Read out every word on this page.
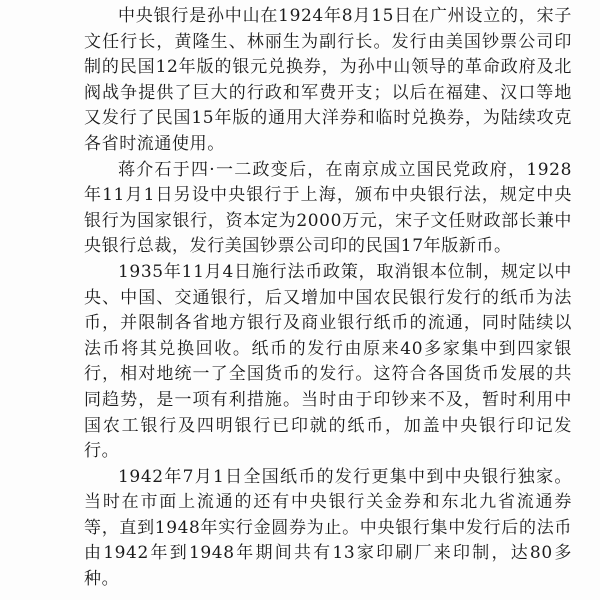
中央银行是孙中山在1924年8月15日在广州设立的，宋子文任行长，黄隆生、林丽生为副行长。发行由美国钞票公司印制的民国12年版的银元兑换券，为孙中山领导的革命政府及北阀战争提供了巨大的行政和军费开支；以后在福建、汉口等地又发行了民国15年版的通用大洋券和临时兑换券，为陆续攻克各省时流通使用。

蒋介石于四·一二政变后，在南京成立国民党政府，1928年11月1日另设中央银行于上海，颁布中央银行法，规定中央银行为国家银行，资本定为2000万元，宋子文任财政部长兼中央银行总裁，发行美国钞票公司印的民国17年版新币。

1935年11月4日施行法币政策，取消银本位制，规定以中央、中国、交通银行，后又增加中国农民银行发行的纸币为法币，并限制各省地方银行及商业银行纸币的流通，同时陆续以法币将其兑换回收。纸币的发行由原来40多家集中到四家银行，相对地统一了全国货币的发行。这符合各国货币发展的共同趋势，是一项有利措施。当时由于印钞来不及，暂时利用中国农工银行及四明银行已印就的纸币，加盖中央银行印记发行。

1942年7月1日全国纸币的发行更集中到中央银行独家。当时在市面上流通的还有中央银行关金券和东北九省流通券等，直到1948年实行金圆券为止。中央银行集中发行后的法币由1942年到1948年期间共有13家印刷厂来印制，达80多种。
